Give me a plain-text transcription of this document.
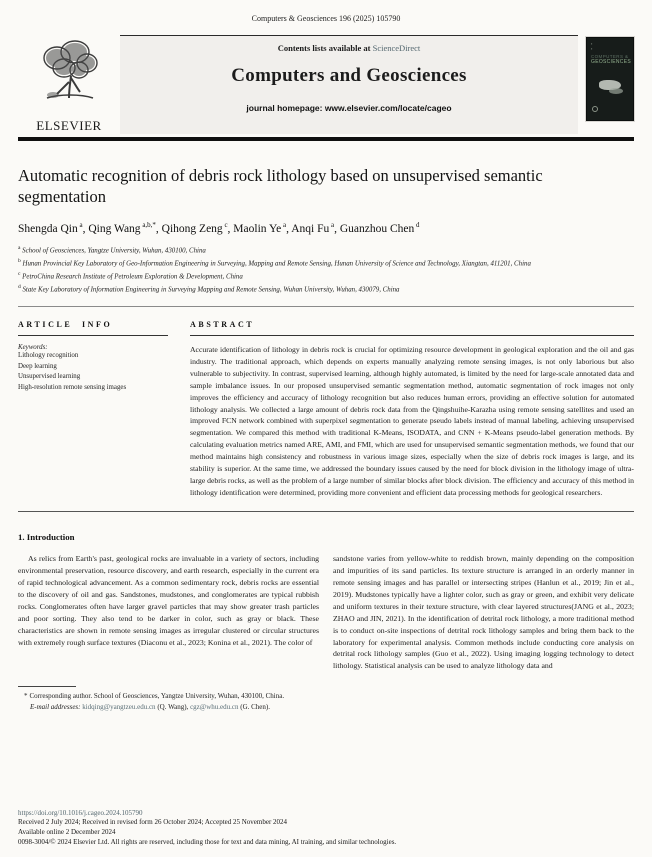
Computers & Geosciences 196 (2025) 105790
ELSEVIER
Contents lists available at ScienceDirect
Computers and Geosciences
journal homepage: www.elsevier.com/locate/cageo
▪
▪
COMPUTERS &
GEOSCIENCES
Automatic recognition of debris rock lithology based on unsupervised semantic segmentation
Shengda Qin $^a$, Qing Wang $^{a,b,*}$, Qihong Zeng $^c$, Maolin Ye $^a$, Anqi Fu $^a$, Guanzhou Chen $^d$
$^a$ School of Geosciences, Yangtze University, Wuhan, 430100, China
$^b$ Hunan Provincial Key Laboratory of Geo-Information Engineering in Surveying, Mapping and Remote Sensing, Hunan University of Science and Technology, Xiangtan, 411201, China
$^c$ PetroChina Research Institute of Petroleum Exploration & Development, China
$^d$ State Key Laboratory of Information Engineering in Surveying Mapping and Remote Sensing, Wuhan University, Wuhan, 430079, China
ARTICLE INFO
Keywords:
Lithology recognition
Deep learning
Unsupervised learning
High-resolution remote sensing images
ABSTRACT
Accurate identification of lithology in debris rock is crucial for optimizing resource development in geological exploration and the oil and gas industry. The traditional approach, which depends on experts manually analyzing remote sensing images, is not only laborious but also vulnerable to subjectivity. In contrast, supervised learning, although highly automated, is limited by the need for large-scale annotated data and sample imbalance issues. In our proposed unsupervised semantic segmentation method, automatic segmentation of rock images not only improves the efficiency and accuracy of lithology recognition but also reduces human errors, providing an effective solution for automated lithology analysis. We collected a large amount of debris rock data from the Qingshuihe-Karazha using remote sensing satellites and used an improved FCN network combined with superpixel segmentation to generate pseudo labels instead of manual labeling, achieving unsupervised segmentation. We compared this method with traditional K-Means, ISODATA, and CNN + K-Means pseudo-label generation methods. By calculating evaluation metrics named ARE, AMI, and FMI, which are used for unsupervised semantic segmentation methods, we found that our method maintains high consistency and robustness in various image sizes, especially when the size of debris rock images is large, and its stability is superior. At the same time, we addressed the boundary issues caused by the need for block division in the lithology image of ultra-large debris rocks, as well as the problem of a large number of similar blocks after block division. The efficiency and accuracy of this method in lithology identification were determined, providing more convenient and efficient data processing methods for geological researchers.
1. Introduction

As relics from Earth's past, geological rocks are invaluable in a variety of sectors, including environmental preservation, resource discovery, and earth research, especially in the current era of rapid technological advancement. As a common sedimentary rock, debris rocks are essential to the discovery of oil and gas. Sandstones, mudstones, and conglomerates are typical rubbish rocks. Conglomerates often have larger gravel particles that may show greater trash particles and poor sorting. They also tend to be darker in color, such as gray or black. These characteristics are shown in remote sensing images as irregular clustered or circular structures with extremely rough surface textures (Diaconu et al., 2023; Konina et al., 2021). The color of

sandstone varies from yellow-white to reddish brown, mainly depending on the composition and impurities of its sand particles. Its texture structure is arranged in an orderly manner in remote sensing images and has parallel or intersecting stripes (Hanlun et al., 2019; Jin et al., 2019). Mudstones typically have a lighter color, such as gray or green, and exhibit very delicate and uniform textures in their texture structure, with clear layered structures(JANG et al., 2023; ZHAO and JIN, 2021). In the identification of detrital rock lithology, a more traditional method is to conduct on-site inspections of detrital rock lithology samples and bring them back to the laboratory for experimental analysis. Common methods include conducting core analysis on detrital rock lithology samples (Guo et al., 2022). Using imaging logging technology to detect lithology. Statistical analysis can be used to analyze lithology data and

* Corresponding author. School of Geosciences, Yangtze University, Wuhan, 430100, China.
E-mail addresses: kidqing@yangtzeu.edu.cn (Q. Wang), cgz@whu.edu.cn (G. Chen).
https://doi.org/10.1016/j.cageo.2024.105790
Received 2 July 2024; Received in revised form 26 October 2024; Accepted 25 November 2024
Available online 2 December 2024
0098-3004/© 2024 Elsevier Ltd. All rights are reserved, including those for text and data mining, AI training, and similar technologies.
